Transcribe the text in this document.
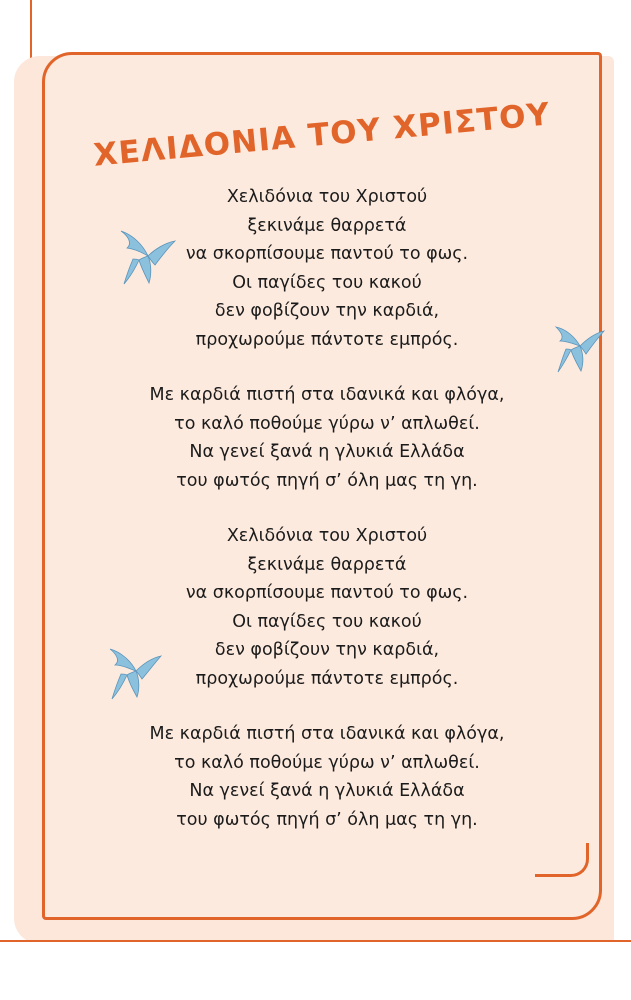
ΧΕΛΙΔΟΝΙΑ ΤΟΥ ΧΡΙΣΤΟΥ

Χελιδόνια του Χριστού
ξεκινάμε θαρρετά
να σκορπίσουμε παντού το φως.
Οι παγίδες του κακού
δεν φοβίζουν την καρδιά,
προχωρούμε πάντοτε εμπρός.

Με καρδιά πιστή στα ιδανικά και φλόγα,
το καλό ποθούμε γύρω ν’ απλωθεί.
Να γενεί ξανά η γλυκιά Ελλάδα
του φωτός πηγή σ’ όλη μας τη γη.

Χελιδόνια του Χριστού
ξεκινάμε θαρρετά
να σκορπίσουμε παντού το φως.
Οι παγίδες του κακού
δεν φοβίζουν την καρδιά,
προχωρούμε πάντοτε εμπρός.

Με καρδιά πιστή στα ιδανικά και φλόγα,
το καλό ποθούμε γύρω ν’ απλωθεί.
Να γενεί ξανά η γλυκιά Ελλάδα
του φωτός πηγή σ’ όλη μας τη γη.
